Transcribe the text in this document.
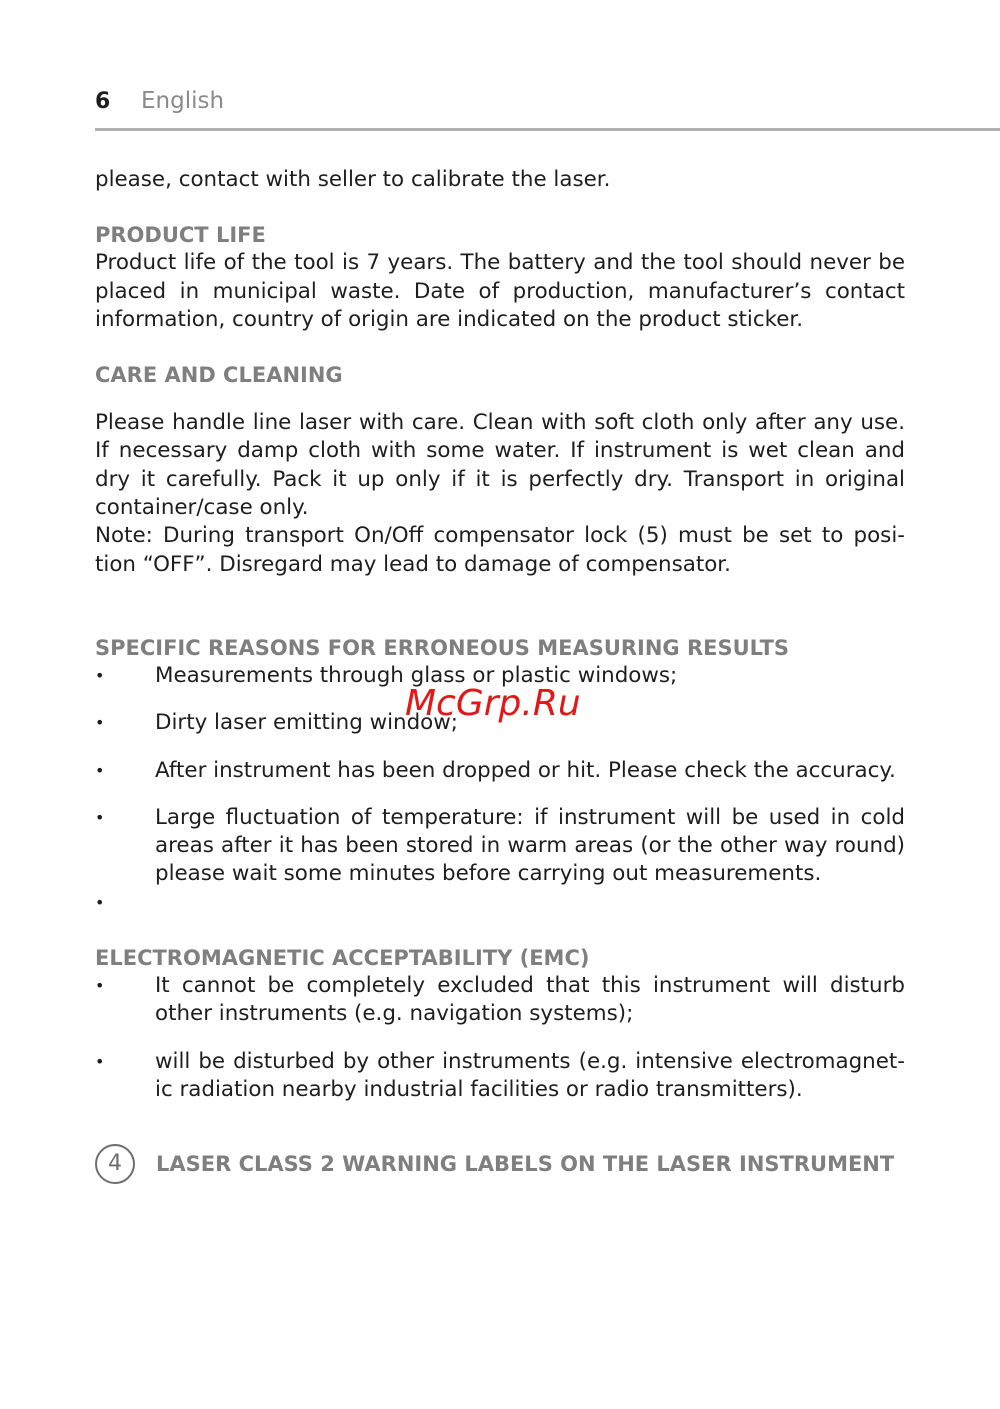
6	English

please, contact with seller to calibrate the laser.

PRODUCT LIFE

Product life of the tool is 7 years. The battery and the tool should never be placed in municipal waste. Date of production, manufacturer’s contact information, country of origin are indicated on the product sticker.

CARE AND CLEANING

Please handle line laser with care. Clean with soft cloth only after any use. If necessary damp cloth with some water. If instrument is wet clean and dry it carefully. Pack it up only if it is perfectly dry. Transport in original container/case only.

Note: During transport On/Off compensator lock (5) must be set to posi-tion “OFF”. Disregard may lead to damage of compensator.

SPECIFIC REASONS FOR ERRONEOUS MEASURING RESULTS
• Measurements through glass or plastic windows;
• Dirty laser emitting window;
• After instrument has been dropped or hit. Please check the accuracy.
• Large fluctuation of temperature: if instrument will be used in cold areas after it has been stored in warm areas (or the other way round) please wait some minutes before carrying out measurements.
•

ELECTROMAGNETIC ACCEPTABILITY (EMC)
• It cannot be completely excluded that this instrument will disturb other instruments (e.g. navigation systems);
• will be disturbed by other instruments (e.g. intensive electromagnet-ic radiation nearby industrial facilities or radio transmitters).
4	LASER CLASS 2 WARNING LABELS ON THE LASER INSTRUMENT
McGrp.Ru
